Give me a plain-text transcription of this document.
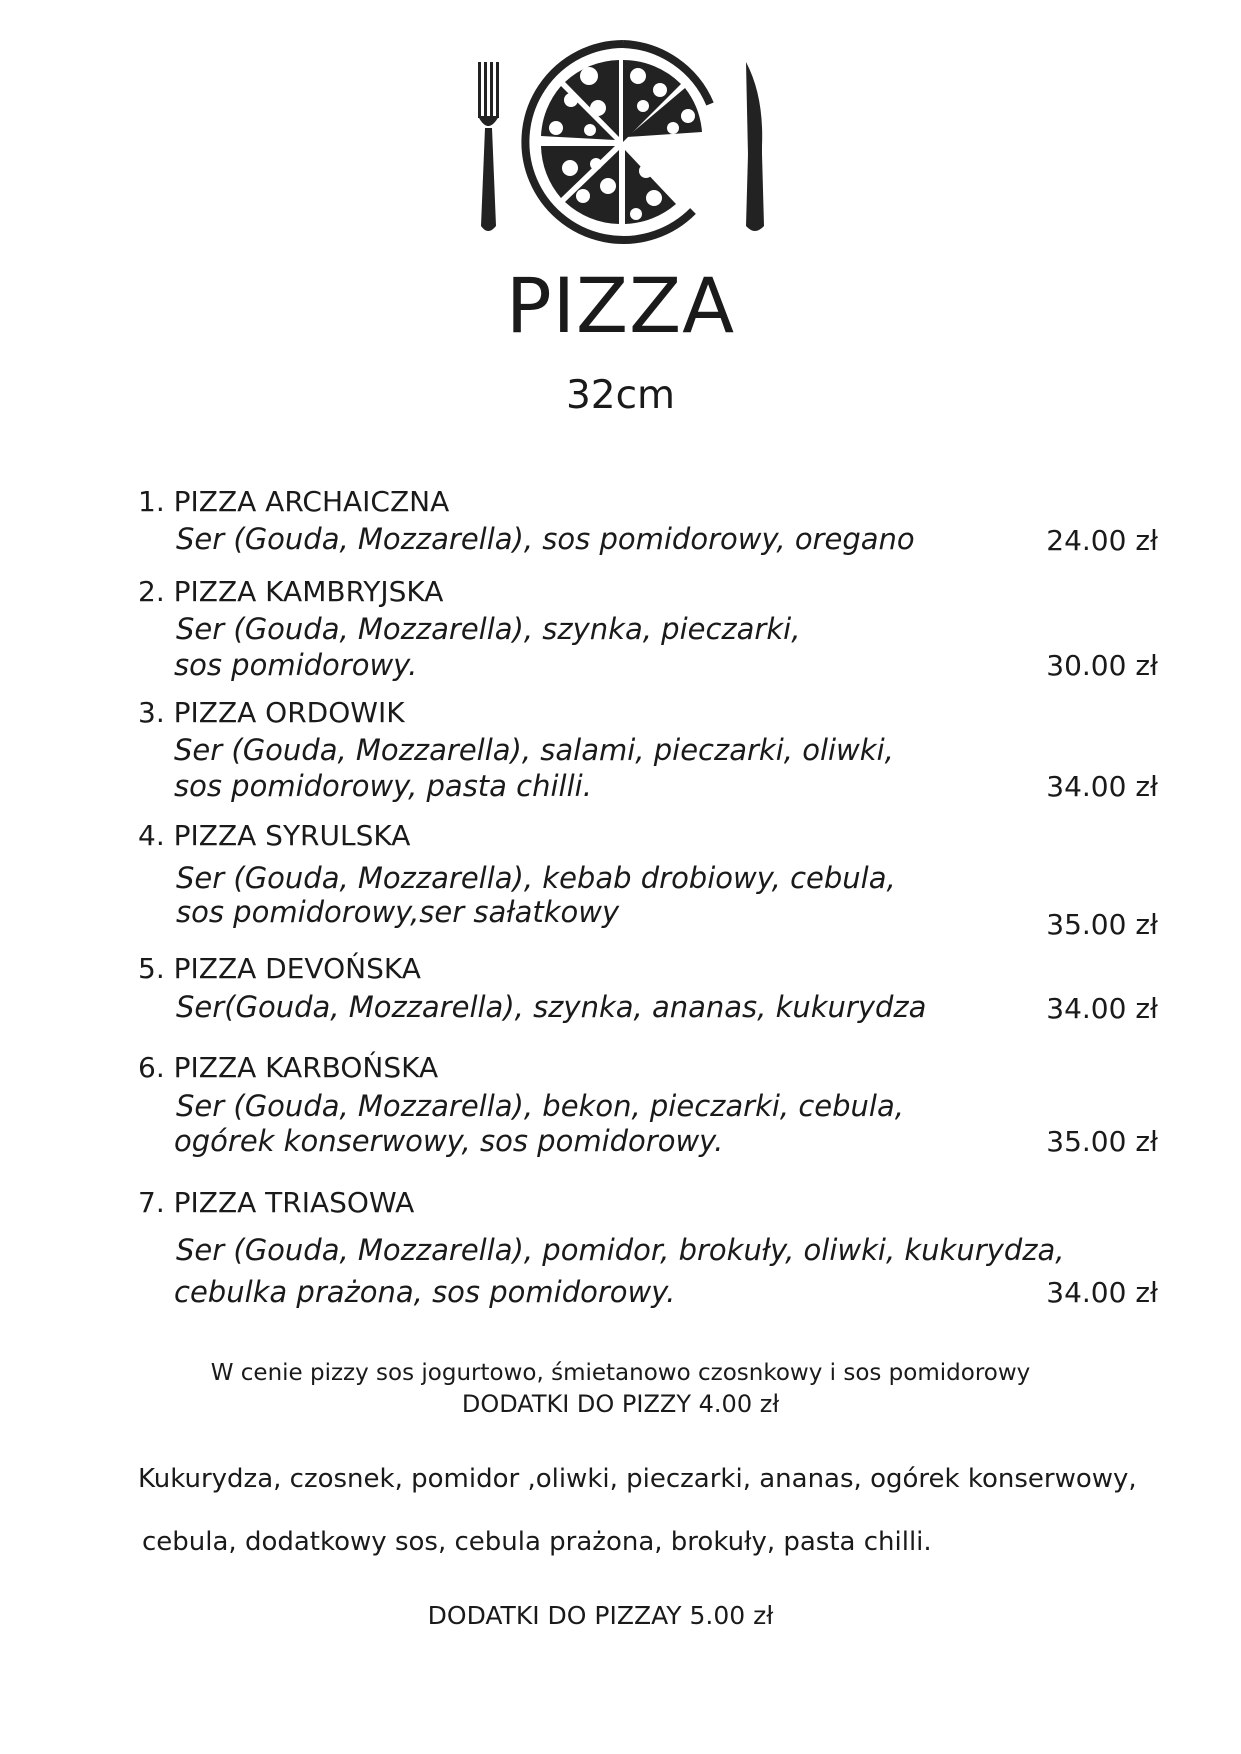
PIZZA
32cm
1. PIZZA ARCHAICZNA
Ser (Gouda, Mozzarella), sos pomidorowy, oregano	24.00 zł
2. PIZZA KAMBRYJSKA
Ser (Gouda, Mozzarella), szynka, pieczarki,
sos pomidorowy.	30.00 zł
3. PIZZA ORDOWIK
Ser (Gouda, Mozzarella), salami, pieczarki, oliwki,
sos pomidorowy, pasta chilli.	34.00 zł
4. PIZZA SYRULSKA
Ser (Gouda, Mozzarella), kebab drobiowy, cebula,
sos pomidorowy,ser sałatkowy	35.00 zł
5. PIZZA DEVOŃSKA
Ser(Gouda, Mozzarella), szynka, ananas, kukurydza	34.00 zł
6. PIZZA KARBOŃSKA
Ser (Gouda, Mozzarella), bekon, pieczarki, cebula,
ogórek konserwowy, sos pomidorowy.	35.00 zł
7. PIZZA TRIASOWA
Ser (Gouda, Mozzarella), pomidor, brokuły, oliwki, kukurydza,
cebulka prażona, sos pomidorowy.	34.00 zł
W cenie pizzy sos jogurtowo, śmietanowo czosnkowy i sos pomidorowy
DODATKI DO PIZZY 4.00 zł
Kukurydza, czosnek, pomidor ,oliwki, pieczarki, ananas, ogórek konserwowy,
cebula, dodatkowy sos, cebula prażona, brokuły, pasta chilli.
DODATKI DO PIZZAY 5.00 zł
